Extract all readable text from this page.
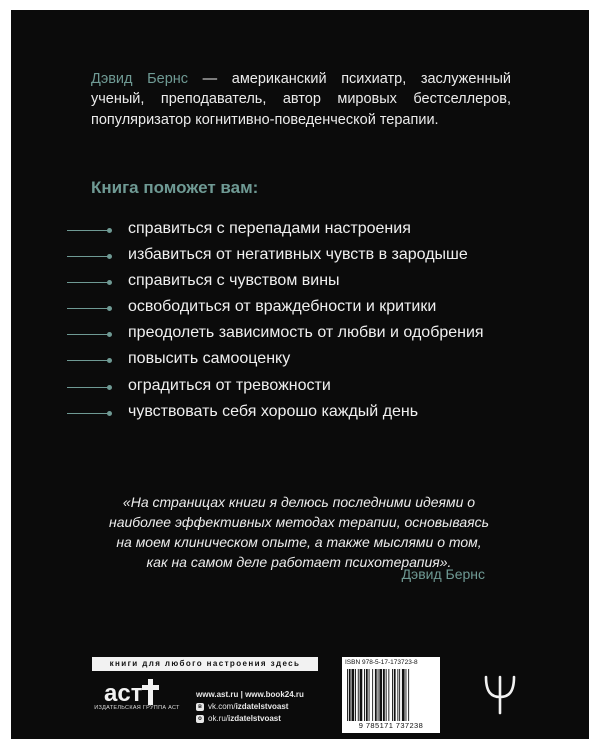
Дэвид Бернс — американский психиатр, заслуженный ученый, преподаватель, автор мировых бестселлеров, популяризатор когнитивно-поведенческой терапии.

Книга поможет вам:
справиться с перепадами настроения
избавиться от негативных чувств в зародыше
справиться с чувством вины
освободиться от враждебности и критики
преодолеть зависимость от любви и одобрения
повысить самооценку
оградиться от тревожности
чувствовать себя хорошо каждый день

«На страницах книги я делюсь последними идеями о наиболее эффективных методах терапии, основываясь на моем клиническом опыте, а также мыслями о том, как на самом деле работает психотерапия».

Дэвид Бернс
книги для любого настроения здесь
аст
ИЗДАТЕЛЬСКАЯ ГРУППА АСТ
www.ast.ru | www.book24.ru
в vk.com/ izdatelstvoast
о ok.ru/ izdatelstvoast
ISBN 978-5-17-173723-8
9 785171 737238
